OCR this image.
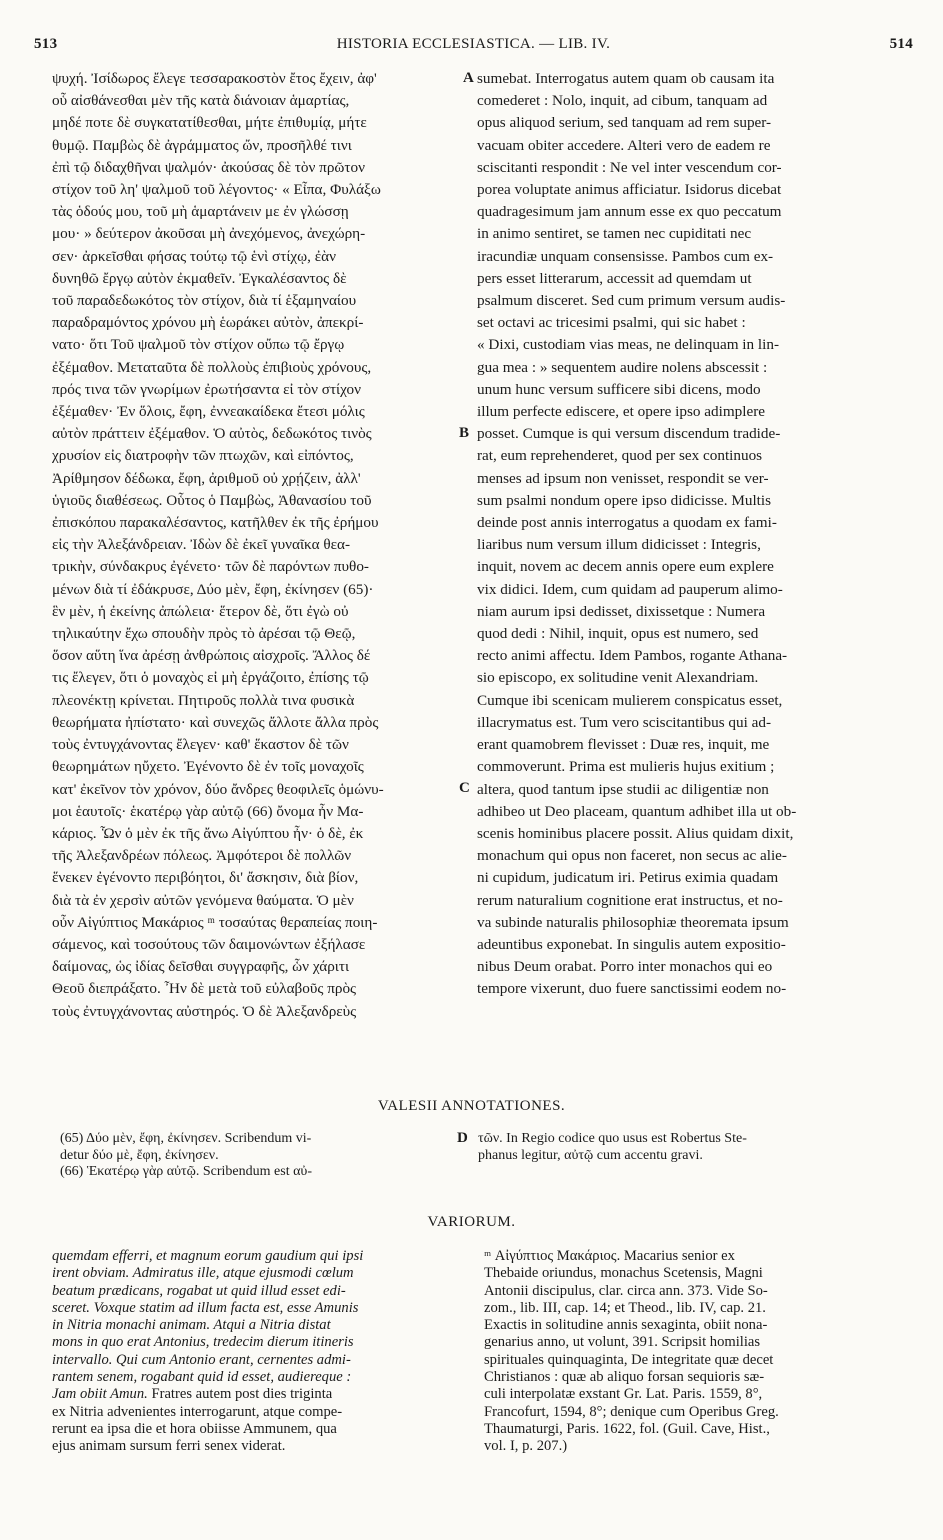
513	HISTORIA ECCLESIASTICA. — LIB. IV.	514

ψυχή. Ἰσίδωρος ἔλεγε τεσσαρακοστὸν ἔτος ἔχειν, ἀφ'

οὗ αἰσθάνεσθαι μὲν τῆς κατὰ διάνοιαν ἁμαρτίας,

μηδέ ποτε δὲ συγκατατίθεσθαι, μήτε ἐπιθυμίᾳ, μήτε

θυμῷ. Παμβὼς δὲ ἀγράμματος ὤν, προσῆλθέ τινι

ἐπὶ τῷ διδαχθῆναι ψαλμόν· ἀκούσας δὲ τὸν πρῶτον

στίχον τοῦ λη' ψαλμοῦ τοῦ λέγοντος· « Εἶπα, Φυλάξω

τὰς ὁδούς μου, τοῦ μὴ ἁμαρτάνειν με ἐν γλώσσῃ

μου· » δεύτερον ἀκοῦσαι μὴ ἀνεχόμενος, ἀνεχώρη-

σεν· ἀρκεῖσθαι φήσας τούτῳ τῷ ἑνὶ στίχῳ, ἐὰν

δυνηθῶ ἔργῳ αὐτὸν ἐκμαθεῖν. Ἐγκαλέσαντος δὲ

τοῦ παραδεδωκότος τὸν στίχον, διὰ τί ἑξαμηναίου

παραδραμόντος χρόνου μὴ ἑωράκει αὐτὸν, ἀπεκρί-

νατο· ὅτι Τοῦ ψαλμοῦ τὸν στίχον οὔπω τῷ ἔργῳ

ἐξέμαθον. Μεταταῦτα δὲ πολλοὺς ἐπιβιοὺς χρόνους,

πρός τινα τῶν γνωρίμων ἐρωτήσαντα εἰ τὸν στίχον

ἐξέμαθεν· Ἐν ὅλοις, ἔφη, ἐννεακαίδεκα ἔτεσι μόλις

αὐτὸν πράττειν ἐξέμαθον. Ὁ αὐτὸς, δεδωκότος τινὸς

χρυσίον εἰς διατροφὴν τῶν πτωχῶν, καὶ εἰπόντος,

Ἀρίθμησον δέδωκα, ἔφη, ἀριθμοῦ οὐ χρῄζειν, ἀλλ'

ὑγιοῦς διαθέσεως. Οὗτος ὁ Παμβὼς, Ἀθανασίου τοῦ

ἐπισκόπου παρακαλέσαντος, κατῆλθεν ἐκ τῆς ἐρήμου

εἰς τὴν Ἀλεξάνδρειαν. Ἰδὼν δὲ ἐκεῖ γυναῖκα θεα-

τρικὴν, σύνδακρυς ἐγένετο· τῶν δὲ παρόντων πυθο-

μένων διὰ τί ἐδάκρυσε, Δύο μὲν, ἔφη, ἐκίνησεν (65)·

ἓν μὲν, ἡ ἐκείνης ἀπώλεια· ἕτερον δὲ, ὅτι ἐγὼ οὐ

τηλικαύτην ἔχω σπουδὴν πρὸς τὸ ἀρέσαι τῷ Θεῷ,

ὅσον αὕτη ἵνα ἀρέσῃ ἀνθρώποις αἰσχροῖς. Ἄλλος δέ

τις ἔλεγεν, ὅτι ὁ μοναχὸς εἰ μὴ ἐργάζοιτο, ἐπίσης τῷ

πλεονέκτῃ κρίνεται. Πητιροῦς πολλὰ τινα φυσικὰ

θεωρήματα ἠπίστατο· καὶ συνεχῶς ἄλλοτε ἄλλα πρὸς

τοὺς ἐντυγχάνοντας ἔλεγεν· καθ' ἕκαστον δὲ τῶν

θεωρημάτων ηὔχετο. Ἐγένοντο δὲ ἐν τοῖς μοναχοῖς

κατ' ἐκεῖνον τὸν χρόνον, δύο ἄνδρες θεοφιλεῖς ὁμώνυ-

μοι ἑαυτοῖς· ἑκατέρῳ γὰρ αὐτῷ (66) ὄνομα ἦν Μα-

κάριος. Ὧν ὁ μὲν ἐκ τῆς ἄνω Αἰγύπτου ἦν· ὁ δὲ, ἐκ

τῆς Ἀλεξανδρέων πόλεως. Ἀμφότεροι δὲ πολλῶν

ἕνεκεν ἐγένοντο περιβόητοι, δι' ἄσκησιν, διὰ βίον,

διὰ τὰ ἐν χερσὶν αὐτῶν γενόμενα θαύματα. Ὁ μὲν

οὖν Αἰγύπτιος Μακάριος ᵐ τοσαύτας θεραπείας ποιη-

σάμενος, καὶ τοσούτους τῶν δαιμονώντων ἐξήλασε

δαίμονας, ὡς ἰδίας δεῖσθαι συγγραφῆς, ὧν χάριτι

Θεοῦ διεπράξατο. Ἦν δὲ μετὰ τοῦ εὐλαβοῦς πρὸς

τοὺς ἐντυγχάνοντας αὐστηρός. Ὁ δὲ Ἀλεξανδρεὺς

sumebat. Interrogatus autem quam ob causam ita

comederet : Nolo, inquit, ad cibum, tanquam ad

opus aliquod serium, sed tanquam ad rem super-

vacuam obiter accedere. Alteri vero de eadem re

sciscitanti respondit : Ne vel inter vescendum cor-

porea voluptate animus afficiatur. Isidorus dicebat

quadragesimum jam annum esse ex quo peccatum

in animo sentiret, se tamen nec cupiditati nec

iracundiæ unquam consensisse. Pambos cum ex-

pers esset litterarum, accessit ad quemdam ut

psalmum disceret. Sed cum primum versum audis-

set octavi ac tricesimi psalmi, qui sic habet :

« Dixi, custodiam vias meas, ne delinquam in lin-

gua mea : » sequentem audire nolens abscessit :

unum hunc versum sufficere sibi dicens, modo

illum perfecte ediscere, et opere ipso adimplere

posset. Cumque is qui versum discendum tradide-

rat, eum reprehenderet, quod per sex continuos

menses ad ipsum non venisset, respondit se ver-

sum psalmi nondum opere ipso didicisse. Multis

deinde post annis interrogatus a quodam ex fami-

liaribus num versum illum didicisset : Integris,

inquit, novem ac decem annis opere eum explere

vix didici. Idem, cum quidam ad pauperum alimo-

niam aurum ipsi dedisset, dixissetque : Numera

quod dedi : Nihil, inquit, opus est numero, sed

recto animi affectu. Idem Pambos, rogante Athana-

sio episcopo, ex solitudine venit Alexandriam.

Cumque ibi scenicam mulierem conspicatus esset,

illacrymatus est. Tum vero sciscitantibus qui ad-

erant quamobrem flevisset : Duæ res, inquit, me

commoverunt. Prima est mulieris hujus exitium ;

altera, quod tantum ipse studii ac diligentiæ non

adhibeo ut Deo placeam, quantum adhibet illa ut ob-

scenis hominibus placere possit. Alius quidam dixit,

monachum qui opus non faceret, non secus ac alie-

ni cupidum, judicatum iri. Petirus eximia quadam

rerum naturalium cognitione erat instructus, et no-

va subinde naturalis philosophiæ theoremata ipsum

adeuntibus exponebat. In singulis autem expositio-

nibus Deum orabat. Porro inter monachos qui eo

tempore vixerunt, duo fuere sanctissimi eodem no-

A
B
C
D
VALESII ANNOTATIONES.

(65) Δύο μὲν, ἔφη, ἐκίνησεν. Scribendum vi-

detur δύο μὲ, ἔφη, ἐκίνησεν.

(66) Ἑκατέρῳ γὰρ αὐτῷ. Scribendum est αὐ-

τῶν. In Regio codice quo usus est Robertus Ste-

phanus legitur, αὐτῷ cum accentu gravi.

VARIORUM.

quemdam efferri, et magnum eorum gaudium qui ipsi

irent obviam. Admiratus ille, atque ejusmodi cœlum

beatum prædicans, rogabat ut quid illud esset edi-

sceret. Voxque statim ad illum facta est, esse Amunis

in Nitria monachi animam. Atqui a Nitria distat

mons in quo erat Antonius, tredecim dierum itineris

intervallo. Qui cum Antonio erant, cernentes admi-

rantem senem, rogabant quid id esset, audiereque :

Jam obiit Amun. Fratres autem post dies triginta

ex Nitria advenientes interrogarunt, atque compe-

rerunt ea ipsa die et hora obiisse Ammunem, qua

ejus animam sursum ferri senex viderat.

ᵐ Αἰγύπτιος Μακάριος. Macarius senior ex

Thebaide oriundus, monachus Scetensis, Magni

Antonii discipulus, clar. circa ann. 373. Vide So-

zom., lib. III, cap. 14; et Theod., lib. IV, cap. 21.

Exactis in solitudine annis sexaginta, obiit nona-

genarius anno, ut volunt, 391. Scripsit homilias

spirituales quinquaginta, De integritate quæ decet

Christianos : quæ ab aliquo forsan sequioris sæ-

culi interpolatæ exstant Gr. Lat. Paris. 1559, 8°,

Francofurt, 1594, 8°; denique cum Operibus Greg.

Thaumaturgi, Paris. 1622, fol. (Guil. Cave, Hist.,

vol. I, p. 207.)
